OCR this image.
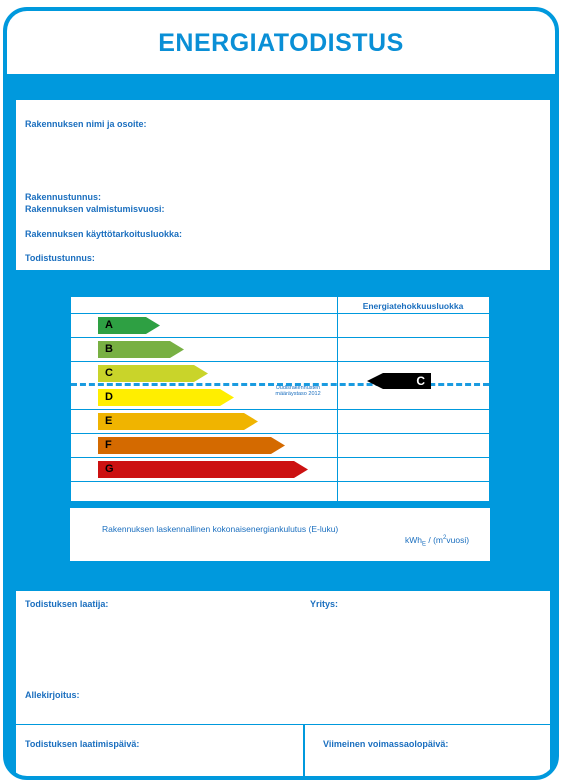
ENERGIATODISTUS
Rakennuksen nimi ja osoite:
Rakennustunnus:
Rakennuksen valmistumisvuosi:
Rakennuksen käyttötarkoitusluokka:
Todistustunnus:
Energiatehokkuusluokka
A
B
C
D
E
F
G
Uudisrakennusten määräystaso 2012
C
Rakennuksen laskennallinen kokonaisenergiankulutus (E-luku)
$kWh_E / (m^2vuosi)$
Todistuksen laatija:	Yritys:
Allekirjoitus:
Todistuksen laatimispäivä:	Viimeinen voimassaolopäivä:
